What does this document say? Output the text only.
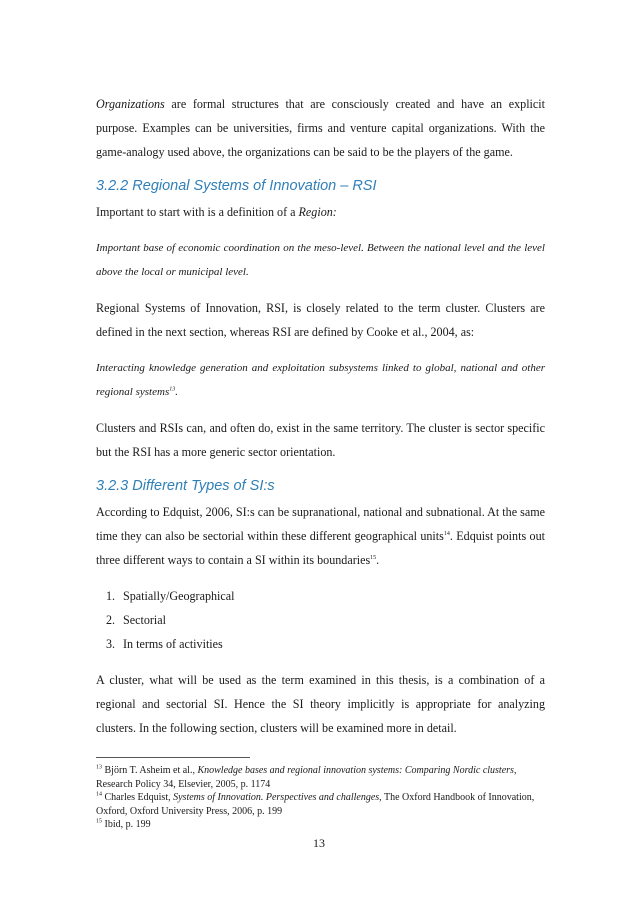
Organizations are formal structures that are consciously created and have an explicit purpose. Examples can be universities, firms and venture capital organizations. With the game-analogy used above, the organizations can be said to be the players of the game.

3.2.2 Regional Systems of Innovation – RSI

Important to start with is a definition of a Region:

Important base of economic coordination on the meso-level. Between the national level and the level above the local or municipal level.

Regional Systems of Innovation, RSI, is closely related to the term cluster. Clusters are defined in the next section, whereas RSI are defined by Cooke et al., 2004, as:

Interacting knowledge generation and exploitation subsystems linked to global, national and other regional systems$^{13}$.

Clusters and RSIs can, and often do, exist in the same territory. The cluster is sector specific but the RSI has a more generic sector orientation.

3.2.3 Different Types of SI:s

According to Edquist, 2006, SI:s can be supranational, national and subnational. At the same time they can also be sectorial within these different geographical units$^{14}$. Edquist points out three different ways to contain a SI within its boundaries$^{15}$.

1. Spatially/Geographical
2. Sectorial
3. In terms of activities

A cluster, what will be used as the term examined in this thesis, is a combination of a regional and sectorial SI. Hence the SI theory implicitly is appropriate for analyzing clusters. In the following section, clusters will be examined more in detail.

$^{13}$ Björn T. Asheim et al., Knowledge bases and regional innovation systems: Comparing Nordic clusters, Research Policy 34, Elsevier, 2005, p. 1174

$^{14}$ Charles Edquist, Systems of Innovation. Perspectives and challenges, The Oxford Handbook of Innovation, Oxford, Oxford University Press, 2006, p. 199

$^{15}$ Ibid, p. 199

13
